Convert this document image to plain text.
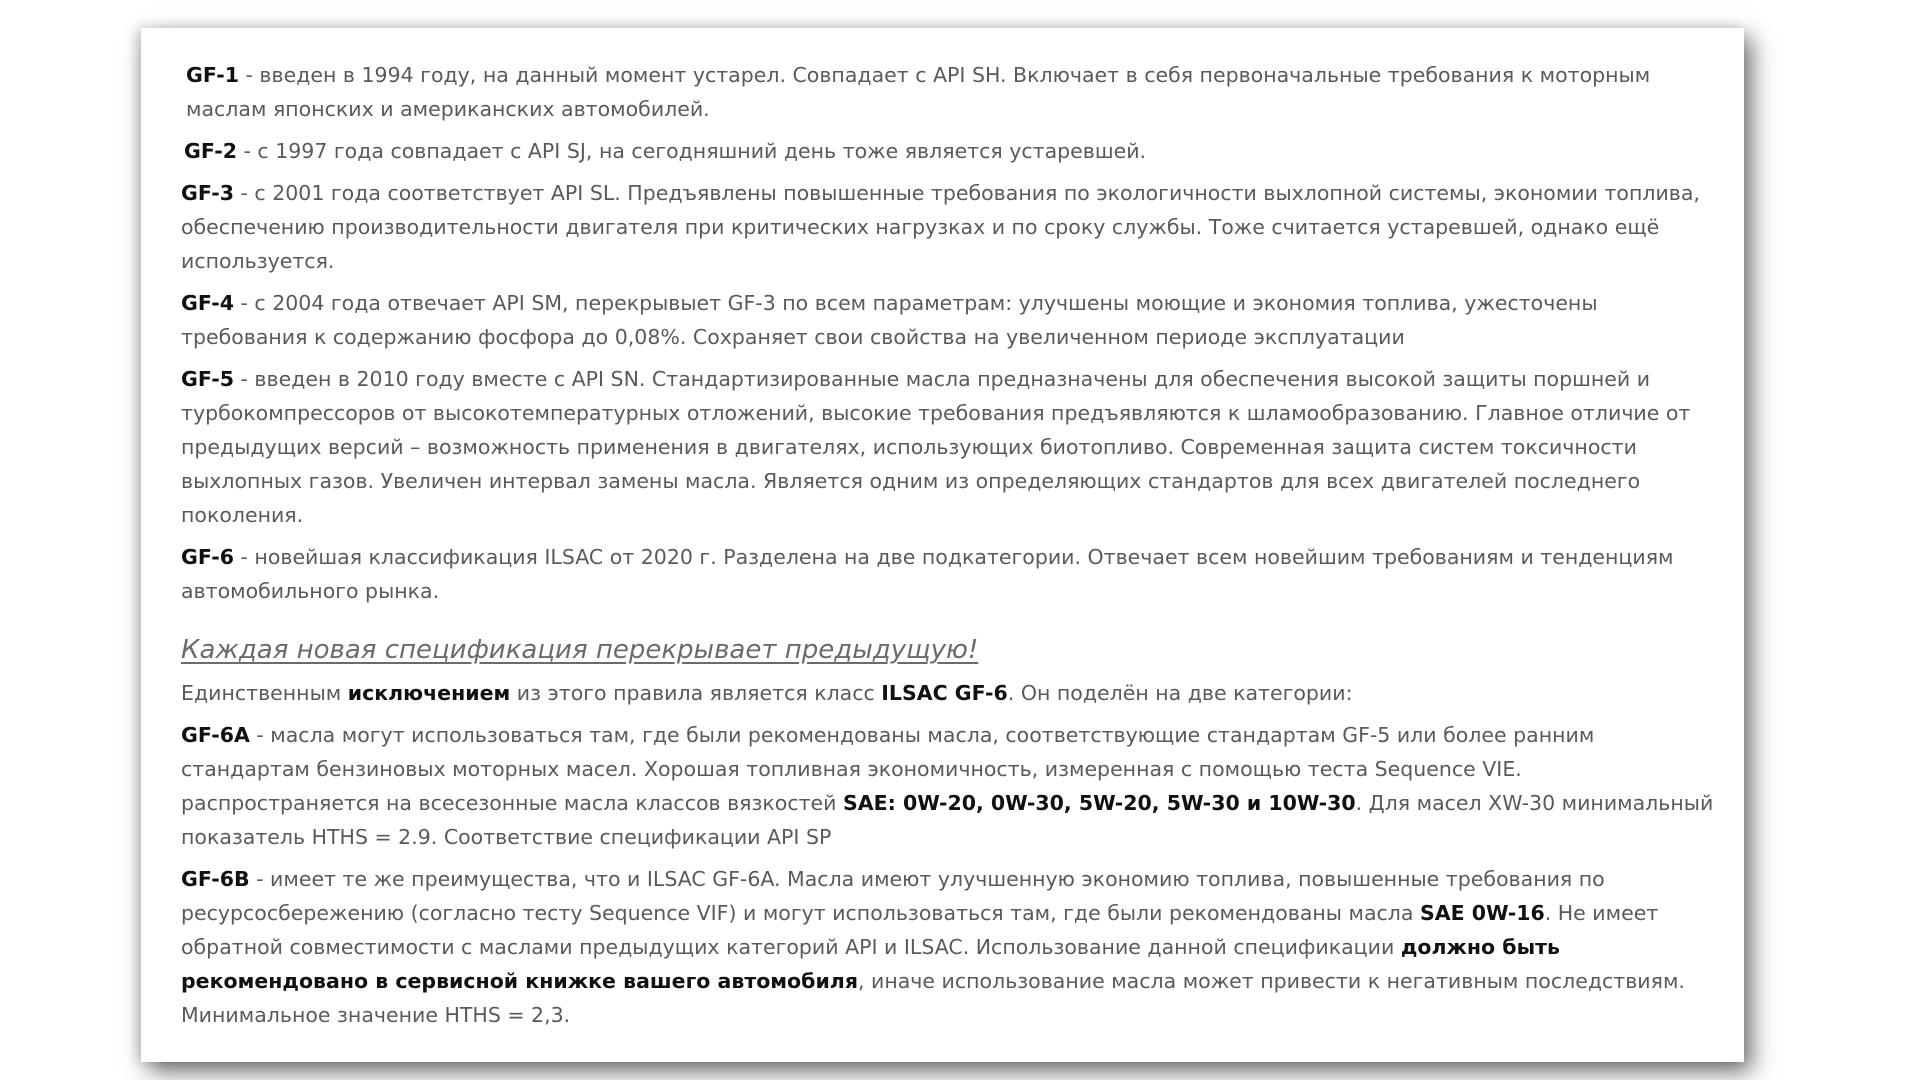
GF-1 - введен в 1994 году, на данный момент устарел. Совпадает с API SH. Включает в себя первоначальные требования к моторным маслам японских и американских автомобилей.

GF-2 - с 1997 года совпадает с API SJ, на сегодняшний день тоже является устаревшей.

GF-3 - с 2001 года соответствует API SL. Предъявлены повышенные требования по экологичности выхлопной системы, экономии топлива, обеспечению производительности двигателя при критических нагрузках и по сроку службы. Тоже считается устаревшей, однако ещё используется.

GF-4 - с 2004 года отвечает API SM, перекрывыет GF-3 по всем параметрам: улучшены моющие и экономия топлива, ужесточены требования к содержанию фосфора до 0,08%. Сохраняет свои свойства на увеличенном периоде эксплуатации

GF-5 - введен в 2010 году вместе с API SN. Стандартизированные масла предназначены для обеспечения высокой защиты поршней и турбокомпрессоров от высокотемпературных отложений, высокие требования предъявляются к шламообразованию. Главное отличие от предыдущих версий – возможность применения в двигателях, использующих биотопливо. Современная защита систем токсичности выхлопных газов. Увеличен интервал замены масла. Является одним из определяющих стандартов для всех двигателей последнего поколения.

GF-6 - новейшая классификация ILSAC от 2020 г. Разделена на две подкатегории. Отвечает всем новейшим требованиям и тенденциям автомобильного рынка.

Каждая новая спецификация перекрывает предыдущую!

Единственным исключением из этого правила является класс ILSAC GF-6. Он поделён на две категории:

GF-6A - масла могут использоваться там, где были рекомендованы масла, соответствующие стандартам GF-5 или более ранним стандартам бензиновых моторных масел. Хорошая топливная экономичность, измеренная с помощью теста Sequence VIE. распространяется на всесезонные масла классов вязкостей SAE: 0W-20, 0W-30, 5W-20, 5W-30 и 10W-30. Для масел XW-30 минимальный показатель HTHS = 2.9. Соответствие спецификации API SP

GF-6B - имеет те же преимущества, что и ILSAC GF-6A. Масла имеют улучшенную экономию топлива, повышенные требования по ресурсосбережению (согласно тесту Sequence VIF) и могут использоваться там, где были рекомендованы масла SAE 0W-16. Не имеет обратной совместимости с маслами предыдущих категорий API и ILSAC. Использование данной спецификации должно быть рекомендовано в сервисной книжке вашего автомобиля, иначе использование масла может привести к негативным последствиям. Минимальное значение HTHS = 2,3.
